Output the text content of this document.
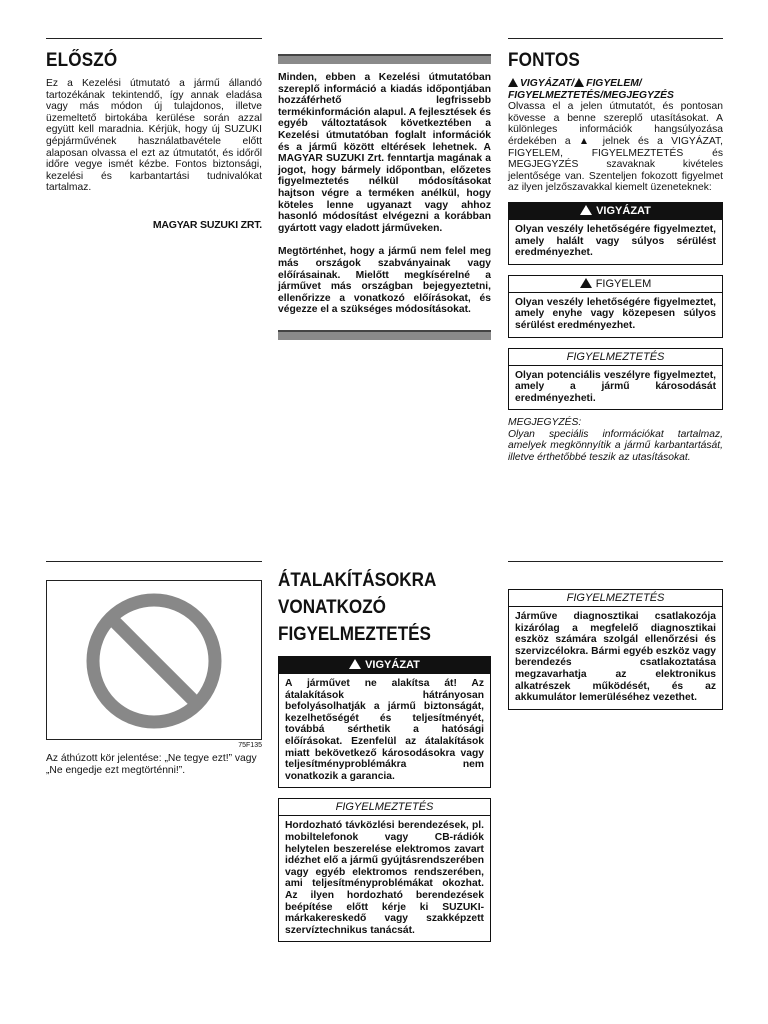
ELŐSZÓ

Ez a Kezelési útmutató a jármű állandó tartozékának tekintendő, így annak eladása vagy más módon új tulajdonos, illetve üzemeltető birtokába kerülése során azzal együtt kell maradnia. Kérjük, hogy új SUZUKI gépjárművének használatbavétele előtt alaposan olvassa el ezt az útmutatót, és időről időre vegye ismét kézbe. Fontos biztonsági, kezelési és karbantartási tudnivalókat tartalmaz.

MAGYAR SUZUKI ZRT.

Minden, ebben a Kezelési útmutatóban szereplő információ a kiadás időpontjában hozzáférhető legfrissebb termékinformáción alapul. A fejlesztések és egyéb változtatások következtében a Kezelési útmutatóban foglalt információk és a jármű között eltérések lehetnek. A MAGYAR SUZUKI Zrt. fenntartja magának a jogot, hogy bármely időpontban, előzetes figyelmeztetés nélkül módosításokat hajtson végre a terméken anélkül, hogy köteles lenne ugyanazt vagy ahhoz hasonló módosítást elvégezni a korábban gyártott vagy eladott járműveken.

Megtörténhet, hogy a jármű nem felel meg más országok szabványainak vagy előírásainak. Mielőtt megkísérelné a járművet más országban bejegyeztetni, ellenőrizze a vonatkozó előírásokat, és végezze el a szükséges módosításokat.

FONTOS

VIGYÁZAT/ FIGYELEM/
FIGYELMEZTETÉS/MEGJEGYZÉS

Olvassa el a jelen útmutatót, és pontosan kövesse a benne szereplő utasításokat. A különleges információk hangsúlyozása érdekében a ▲ jelnek és a VIGYÁZAT, FIGYELEM, FIGYELMEZTETÉS és MEGJEGYZÉS szavaknak kivételes jelentősége van. Szenteljen fokozott figyelmet az ilyen jelzőszavakkal kiemelt üzeneteknek:

VIGYÁZAT
Olyan veszély lehetőségére figyelmeztet, amely halált vagy súlyos sérülést eredményezhet.
FIGYELEM
Olyan veszély lehetőségére figyelmeztet, amely enyhe vagy közepesen súlyos sérülést eredményezhet.
FIGYELMEZTETÉS
Olyan potenciális veszélyre figyelmeztet, amely a jármű károsodását eredményezheti.

MEGJEGYZÉS:

Olyan speciális információkat tartalmaz, amelyek megkönnyítik a jármű karbantartását, illetve érthetőbbé teszik az utasításokat.

75F135

Az áthúzott kör jelentése: „Ne tegye ezt!” vagy „Ne engedje ezt megtörténni!”.

ÁTALAKÍTÁSOKRA
VONATKOZÓ
FIGYELMEZTETÉS
VIGYÁZAT
A járművet ne alakítsa át! Az átalakítások hátrányosan befolyásolhatják a jármű biztonságát, kezelhetőségét és teljesítményét, továbbá sérthetik a hatósági előírásokat. Ezenfelül az átalakítások miatt bekövetkező károsodásokra vagy teljesítményproblémákra nem vonatkozik a garancia.
FIGYELMEZTETÉS
Hordozható távközlési berendezések, pl. mobiltelefonok vagy CB-rádiók helytelen beszerelése elektromos zavart idézhet elő a jármű gyújtásrendszerében vagy egyéb elektromos rendszerében, ami teljesítményproblémákat okozhat. Az ilyen hordozható berendezések beépítése előtt kérje ki SUZUKI-márkakereskedő vagy szakképzett szervíztechnikus tanácsát.
FIGYELMEZTETÉS
Járműve diagnosztikai csatlakozója kizárólag a megfelelő diagnosztikai eszköz számára szolgál ellenőrzési és szervizcélokra. Bármi egyéb eszköz vagy berendezés csatlakoztatása megzavarhatja az elektronikus alkatrészek működését, és az akkumulátor lemerüléséhez vezethet.
